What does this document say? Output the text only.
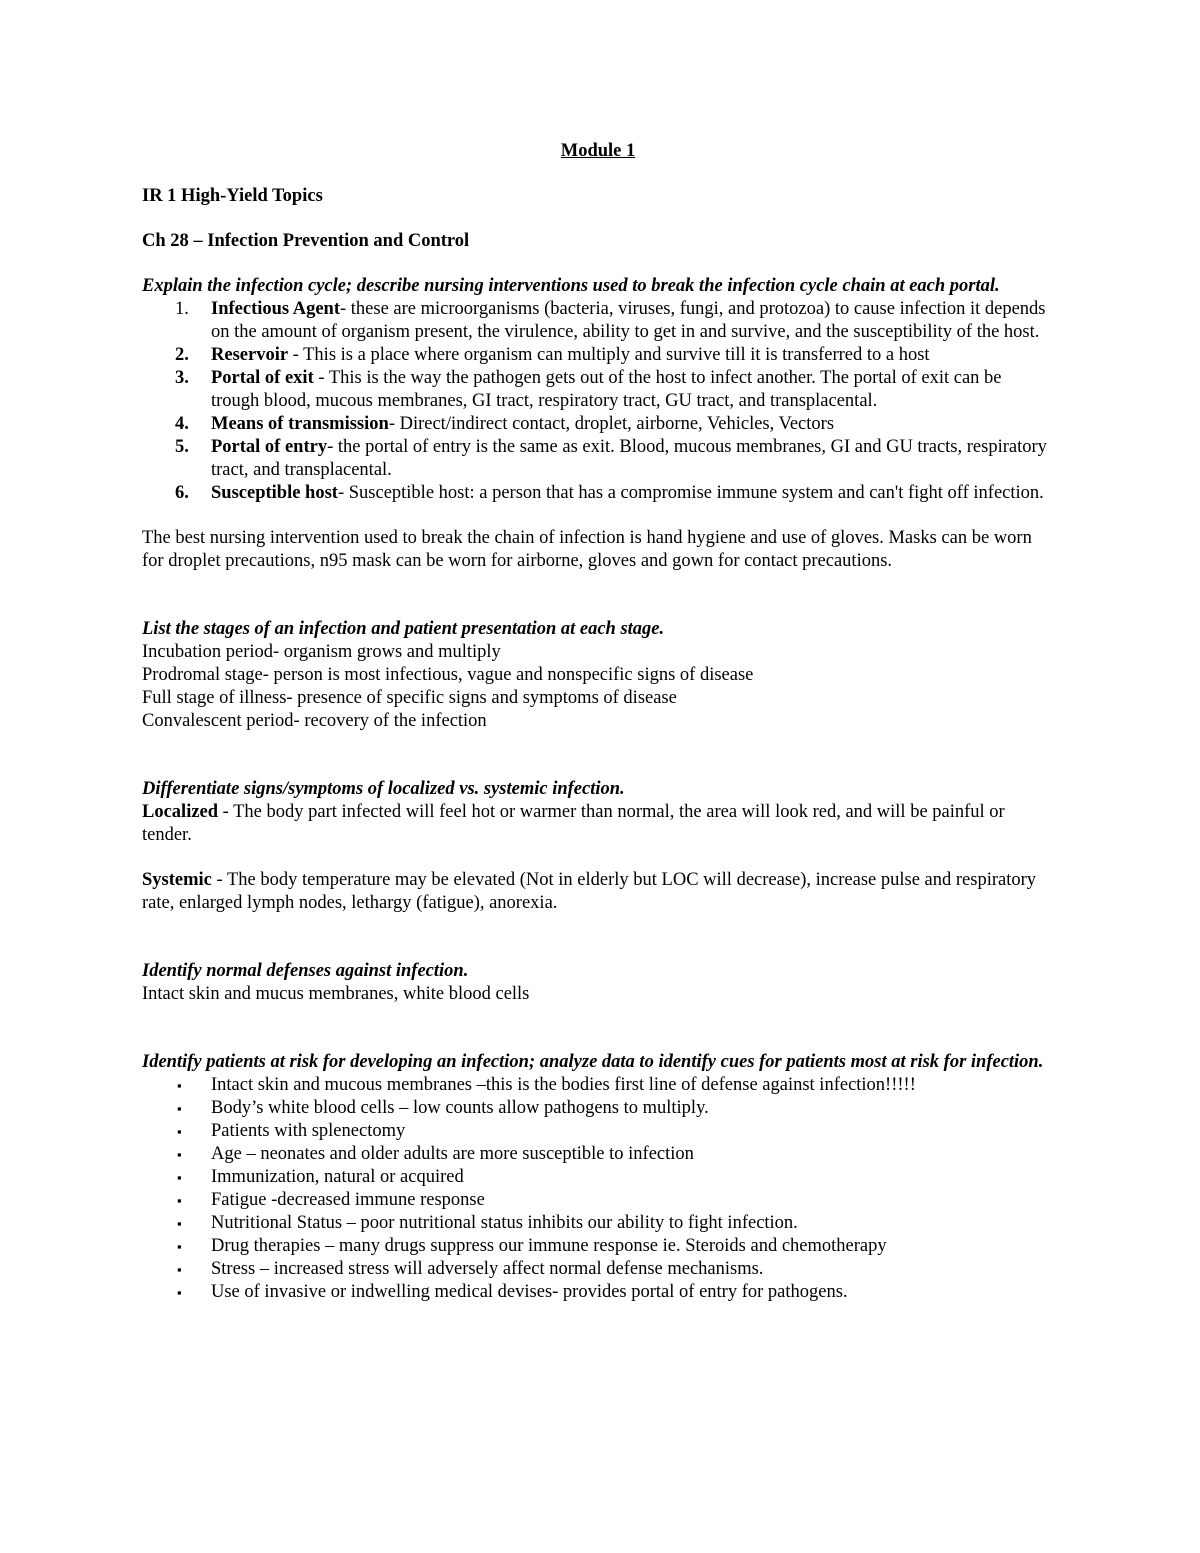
Module 1

IR 1 High-Yield Topics

Ch 28 – Infection Prevention and Control

Explain the infection cycle; describe nursing interventions used to break the infection cycle chain at each portal.

1. Infectious Agent- these are microorganisms (bacteria, viruses, fungi, and protozoa) to cause infection it depends on the amount of organism present, the virulence, ability to get in and survive, and the susceptibility of the host.
2. Reservoir - This is a place where organism can multiply and survive till it is transferred to a host
3. Portal of exit - This is the way the pathogen gets out of the host to infect another. The portal of exit can be trough blood, mucous membranes, GI tract, respiratory tract, GU tract, and transplacental.
4. Means of transmission- Direct/indirect contact, droplet, airborne, Vehicles, Vectors
5. Portal of entry- the portal of entry is the same as exit. Blood, mucous membranes, GI and GU tracts, respiratory tract, and transplacental.
6. Susceptible host- Susceptible host: a person that has a compromise immune system and can't fight off infection.

The best nursing intervention used to break the chain of infection is hand hygiene and use of gloves. Masks can be worn for droplet precautions, n95 mask can be worn for airborne, gloves and gown for contact precautions.

List the stages of an infection and patient presentation at each stage.

Incubation period- organism grows and multiply

Prodromal stage- person is most infectious, vague and nonspecific signs of disease

Full stage of illness- presence of specific signs and symptoms of disease

Convalescent period- recovery of the infection

Differentiate signs/symptoms of localized vs. systemic infection.

Localized - The body part infected will feel hot or warmer than normal, the area will look red, and will be painful or tender.

Systemic - The body temperature may be elevated (Not in elderly but LOC will decrease), increase pulse and respiratory rate, enlarged lymph nodes, lethargy (fatigue), anorexia.

Identify normal defenses against infection.

Intact skin and mucus membranes, white blood cells

Identify patients at risk for developing an infection; analyze data to identify cues for patients most at risk for infection.

▪ Intact skin and mucous membranes –this is the bodies first line of defense against infection!!!!!
▪ Body’s white blood cells – low counts allow pathogens to multiply.
▪ Patients with splenectomy
▪ Age – neonates and older adults are more susceptible to infection
▪ Immunization, natural or acquired
▪ Fatigue -decreased immune response
▪ Nutritional Status – poor nutritional status inhibits our ability to fight infection.
▪ Drug therapies – many drugs suppress our immune response ie. Steroids and chemotherapy
▪ Stress – increased stress will adversely affect normal defense mechanisms.
▪ Use of invasive or indwelling medical devises- provides portal of entry for pathogens.
